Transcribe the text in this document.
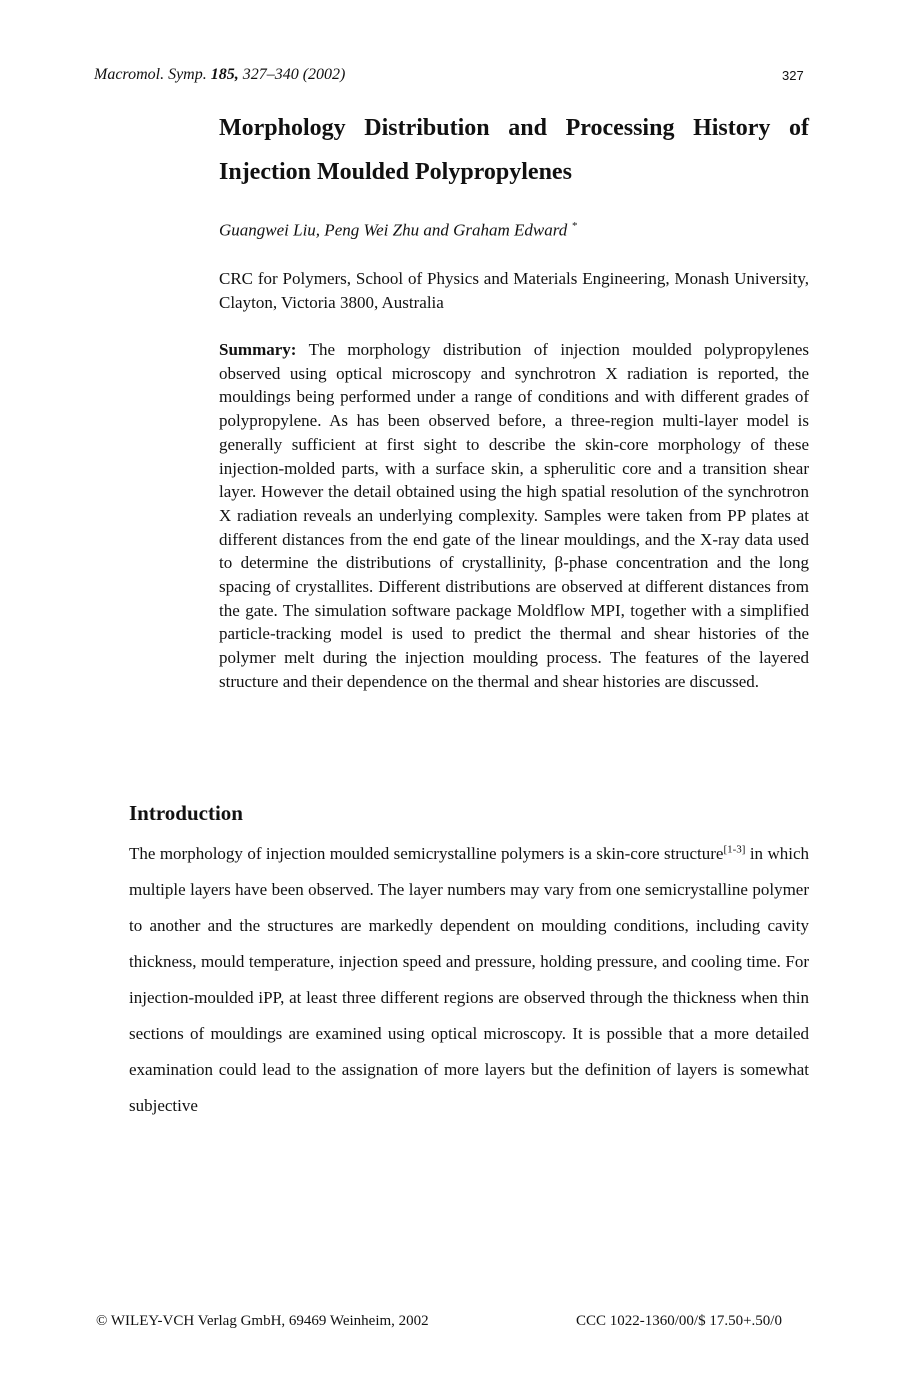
Macromol. Symp. 185, 327–340 (2002)	327
Morphology Distribution and Processing History of
Injection Moulded Polypropylenes
Guangwei Liu, Peng Wei Zhu and Graham Edward *
CRC for Polymers, School of Physics and Materials Engineering, Monash University, Clayton, Victoria 3800, Australia
Summary: The morphology distribution of injection moulded polypropylenes observed using optical microscopy and synchrotron X radiation is reported, the mouldings being performed under a range of conditions and with different grades of polypropylene. As has been observed before, a three-region multi-layer model is generally sufficient at first sight to describe the skin-core morphology of these injection-molded parts, with a surface skin, a spherulitic core and a transition shear layer. However the detail obtained using the high spatial resolution of the synchrotron X radiation reveals an underlying complexity. Samples were taken from PP plates at different distances from the end gate of the linear mouldings, and the X-ray data used to determine the distributions of crystallinity, β-phase concentration and the long spacing of crystallites. Different distributions are observed at different distances from the gate. The simulation software package Moldflow MPI, together with a simplified particle-tracking model is used to predict the thermal and shear histories of the polymer melt during the injection moulding process. The features of the layered structure and their dependence on the thermal and shear histories are discussed.
Introduction
The morphology of injection moulded semicrystalline polymers is a skin-core structure[1-3] in which multiple layers have been observed. The layer numbers may vary from one semicrystalline polymer to another and the structures are markedly dependent on moulding conditions, including cavity thickness, mould temperature, injection speed and pressure, holding pressure, and cooling time. For injection-moulded iPP, at least three different regions are observed through the thickness when thin sections of mouldings are examined using optical microscopy. It is possible that a more detailed examination could lead to the assignation of more layers but the definition of layers is somewhat subjective
© WILEY-VCH Verlag GmbH, 69469 Weinheim, 2002	CCC 1022-1360/00/$ 17.50+.50/0
